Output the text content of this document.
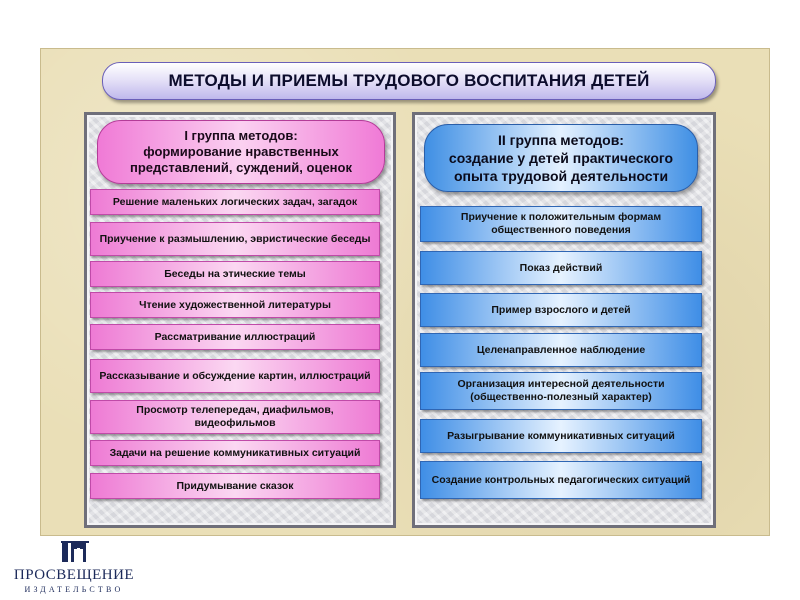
МЕТОДЫ И ПРИЕМЫ ТРУДОВОГО ВОСПИТАНИЯ ДЕТЕЙ
I группа методов:
формирование нравственных
представлений, суждений, оценок
II группа методов:
создание у детей практического
опыта трудовой деятельности
Решение маленьких логических задач, загадок
Приучение к размышлению, эвристические беседы
Беседы на этические темы
Чтение художественной литературы
Рассматривание иллюстраций
Рассказывание и обсуждение картин, иллюстраций
Просмотр телепередач, диафильмов, видеофильмов
Задачи на решение коммуникативных ситуаций
Придумывание сказок
Приучение к положительным формам общественного поведения
Показ действий
Пример взрослого и детей
Целенаправленное наблюдение
Организация интересной деятельности (общественно-полезный характер)
Разыгрывание коммуникативных ситуаций
Создание контрольных педагогических ситуаций
ПРОСВЕЩЕНИЕ
ИЗДАТЕЛЬСТВО
